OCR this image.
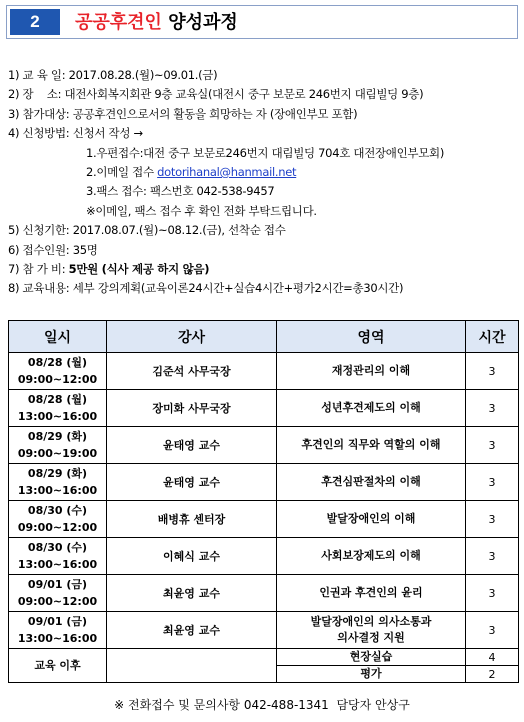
2	공공후견인 양성과정
1) 교 육 일: 2017.08.28.(월)~09.01.(금)
2) 장    소: 대전사회복지회관 9층 교육실(대전시 중구 보문로 246번지 대림빌딩 9층)
3) 참가대상: 공공후견인으로서의 활동을 희망하는 자 (장애인부모 포함)
4) 신청방법: 신청서 작성 →
1.우편접수:대전 중구 보문로246번지 대림빌딩 704호 대전장애인부모회)
2.이메일 접수 dotorihanal@hanmail.net
3.팩스 접수: 팩스번호 042-538-9457
※이메일, 팩스 접수 후 확인 전화 부탁드립니다.
5) 신청기한: 2017.08.07.(월)~08.12.(금), 선착순 접수
6) 접수인원: 35명
7) 참 가 비: 5만원 (식사 제공 하지 않음)
8) 교육내용: 세부 강의계획(교육이론24시간+실습4시간+평가2시간=총30시간)
일시	강사	영역	시간
08/28 (월)
09:00~12:00	김준석 사무국장	재정관리의 이해	3
08/28 (월)
13:00~16:00	장미화 사무국장	성년후견제도의 이해	3
08/29 (화)
09:00~19:00	윤태영 교수	후견인의 직무와 역할의 이해	3
08/29 (화)
13:00~16:00	윤태영 교수	후견심판절차의 이해	3
08/30 (수)
09:00~12:00	배병휴 센터장	발달장애인의 이해	3
08/30 (수)
13:00~16:00	이혜식 교수	사회보장제도의 이해	3
09/01 (금)
09:00~12:00	최윤영 교수	인권과 후견인의 윤리	3
09/01 (금)
13:00~16:00	최윤영 교수	발달장애인의 의사소통과
의사결정 지원	3
교육 이후		현장실습	4
		평가	2
※ 전화접수 및 문의사항 042-488-1341  담당자 안상구
